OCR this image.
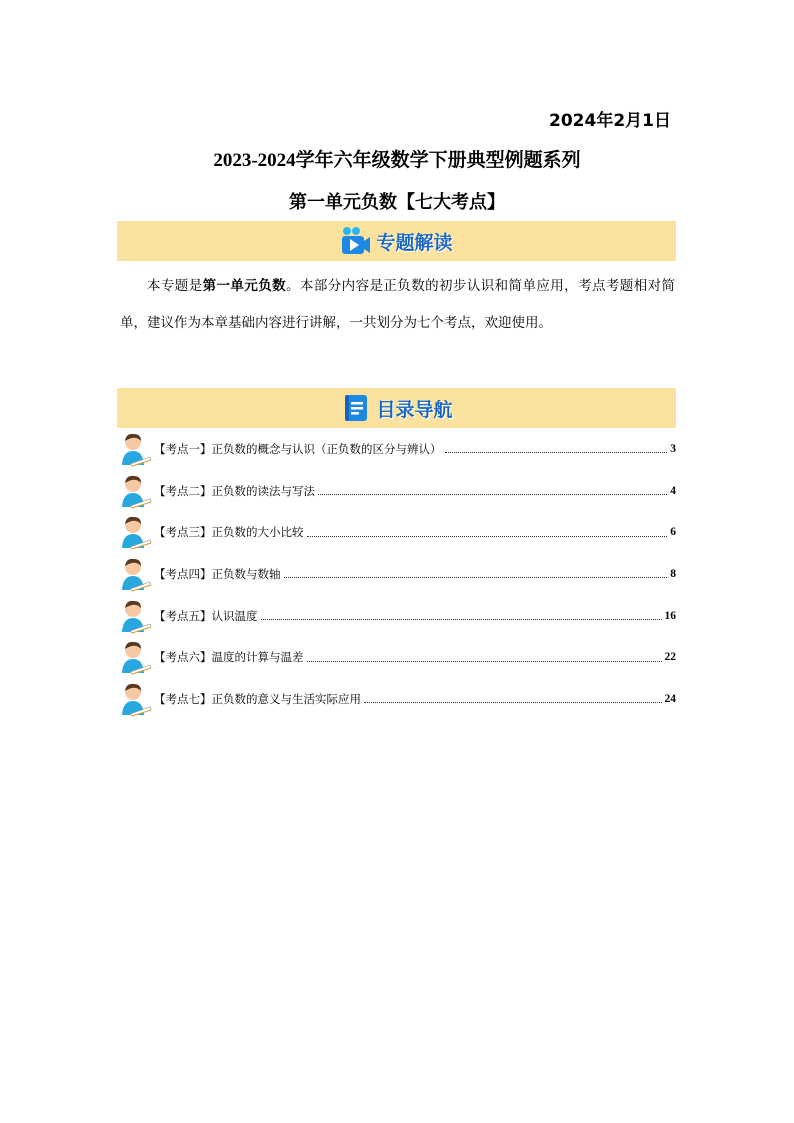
2024年2月1日
2023-2024学年六年级数学下册典型例题系列
第一单元负数【七大考点】
专题解读
本专题是第一单元负数。本部分内容是正负数的初步认识和简单应用，考点考题相对简单，建议作为本章基础内容进行讲解，一共划分为七个考点，欢迎使用。
目录导航
【考点一】正负数的概念与认识（正负数的区分与辨认）	3
【考点二】正负数的读法与写法	4
【考点三】正负数的大小比较	6
【考点四】正负数与数轴	8
【考点五】认识温度	16
【考点六】温度的计算与温差	22
【考点七】正负数的意义与生活实际应用	24
